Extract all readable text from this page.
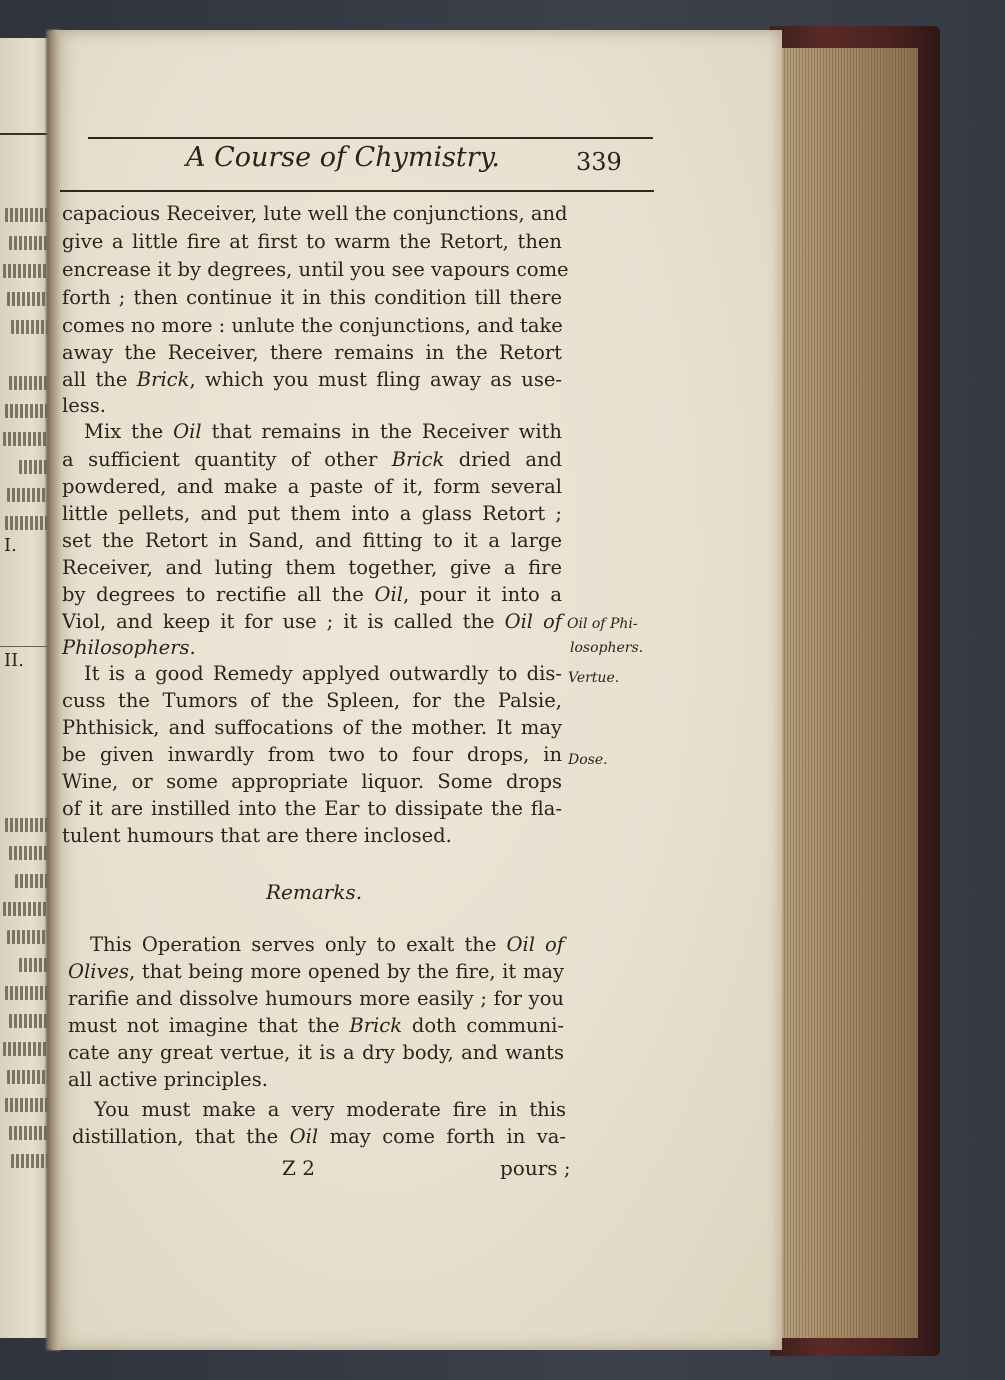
I.
II.
A Course of Chymistry.	339
capacious Receiver, lute well the conjunctions, and
give a little fire at first to warm the Retort, then
encrease it by degrees, until you see vapours come
forth ; then continue it in this condition till there
comes no more : unlute the conjunctions, and take
away the Receiver, there remains in the Retort
all the Brick, which you must fling away as use-
less.
Mix the Oil that remains in the Receiver with
a sufficient quantity of other Brick dried and
powdered, and make a paste of it, form several
little pellets, and put them into a glass Retort ;
set the Retort in Sand, and fitting to it a large
Receiver, and luting them together, give a fire
by degrees to rectifie all the Oil, pour it into a
Viol, and keep it for use ; it is called the Oil of
Philosophers.
It is a good Remedy applyed outwardly to dis-
cuss the Tumors of the Spleen, for the Palsie,
Phthisick, and suffocations of the mother. It may
be given inwardly from two to four drops, in
Wine, or some appropriate liquor. Some drops
of it are instilled into the Ear to dissipate the fla-
tulent humours that are there inclosed.
Oil of Phi-
losophers.
Vertue.
Dose.
Remarks.
This Operation serves only to exalt the Oil of
Olives, that being more opened by the fire, it may
rarifie and dissolve humours more easily ; for you
must not imagine that the Brick doth communi-
cate any great vertue, it is a dry body, and wants
all active principles.
You must make a very moderate fire in this
distillation, that the Oil may come forth in va-
Z 2	pours ;
